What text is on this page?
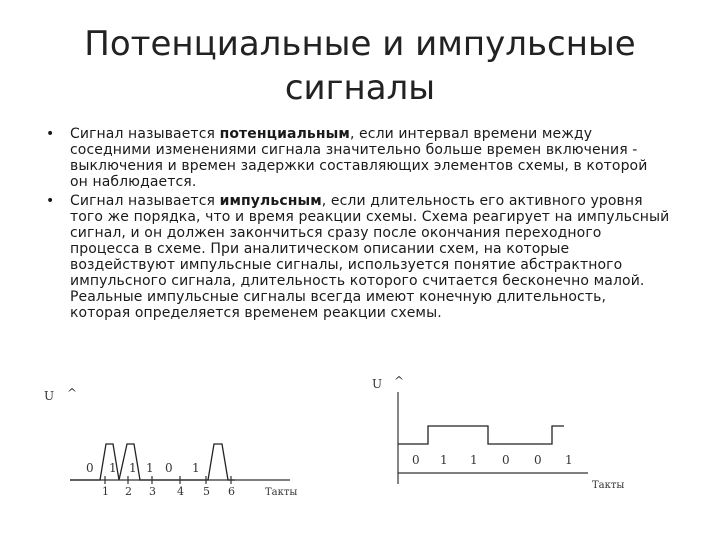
Потенциальные и импульсные
сигналы
•	Сигнал называется потенциальным, если интервал времени между
соседними изменениями сигнала значительно больше времен включения -
выключения и времен задержки составляющих элементов схемы, в которой
он наблюдается.
•	Сигнал называется импульсным, если длительность его активного уровня
того же порядка, что и время реакции схемы. Схема реагирует на импульсный
сигнал, и он должен закончиться сразу после окончания переходного
процесса в схеме. При аналитическом описании схем, на которые
воздействуют импульсные сигналы, используется понятие абстрактного
импульсного сигнала, длительность которого считается бесконечно малой.
Реальные импульсные сигналы всегда имеют конечную длительность,
которая определяется временем реакции схемы.
U ^
0 1 1 1 0 1
1 2 3 4 5 6	Такты
U ^
0 1 1 0 0 1
Такты
